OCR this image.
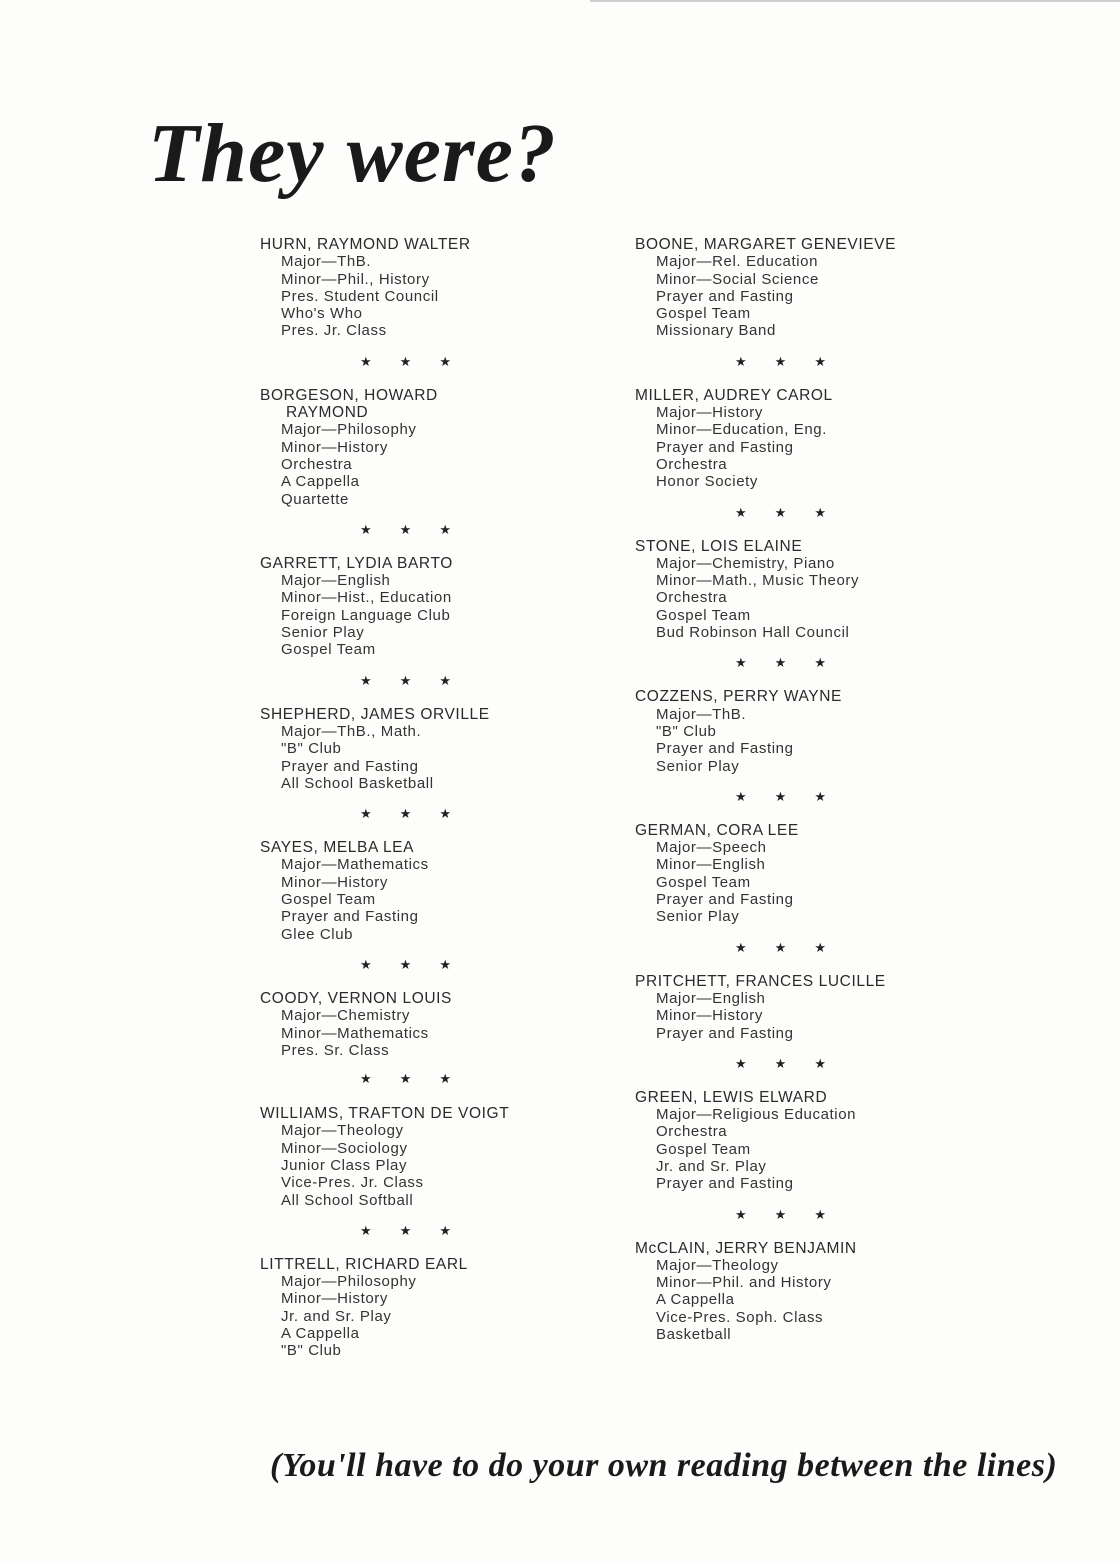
They were?
HURN, RAYMOND WALTER
Major—ThB.
Minor—Phil., History
Pres. Student Council
Who's Who
Pres. Jr. Class
★ ★ ★
BORGESON, HOWARD
RAYMOND
Major—Philosophy
Minor—History
Orchestra
A Cappella
Quartette
★ ★ ★
GARRETT, LYDIA BARTO
Major—English
Minor—Hist., Education
Foreign Language Club
Senior Play
Gospel Team
★ ★ ★
SHEPHERD, JAMES ORVILLE
Major—ThB., Math.
"B" Club
Prayer and Fasting
All School Basketball
★ ★ ★
SAYES, MELBA LEA
Major—Mathematics
Minor—History
Gospel Team
Prayer and Fasting
Glee Club
★ ★ ★
COODY, VERNON LOUIS
Major—Chemistry
Minor—Mathematics
Pres. Sr. Class
★ ★ ★
WILLIAMS, TRAFTON DE VOIGT
Major—Theology
Minor—Sociology
Junior Class Play
Vice-Pres. Jr. Class
All School Softball
★ ★ ★
LITTRELL, RICHARD EARL
Major—Philosophy
Minor—History
Jr. and Sr. Play
A Cappella
"B" Club
BOONE, MARGARET GENEVIEVE
Major—Rel. Education
Minor—Social Science
Prayer and Fasting
Gospel Team
Missionary Band
★ ★ ★
MILLER, AUDREY CAROL
Major—History
Minor—Education, Eng.
Prayer and Fasting
Orchestra
Honor Society
★ ★ ★
STONE, LOIS ELAINE
Major—Chemistry, Piano
Minor—Math., Music Theory
Orchestra
Gospel Team
Bud Robinson Hall Council
★ ★ ★
COZZENS, PERRY WAYNE
Major—ThB.
"B" Club
Prayer and Fasting
Senior Play
★ ★ ★
GERMAN, CORA LEE
Major—Speech
Minor—English
Gospel Team
Prayer and Fasting
Senior Play
★ ★ ★
PRITCHETT, FRANCES LUCILLE
Major—English
Minor—History
Prayer and Fasting
★ ★ ★
GREEN, LEWIS ELWARD
Major—Religious Education
Orchestra
Gospel Team
Jr. and Sr. Play
Prayer and Fasting
★ ★ ★
McCLAIN, JERRY BENJAMIN
Major—Theology
Minor—Phil. and History
A Cappella
Vice-Pres. Soph. Class
Basketball
(You'll have to do your own reading between the lines)
